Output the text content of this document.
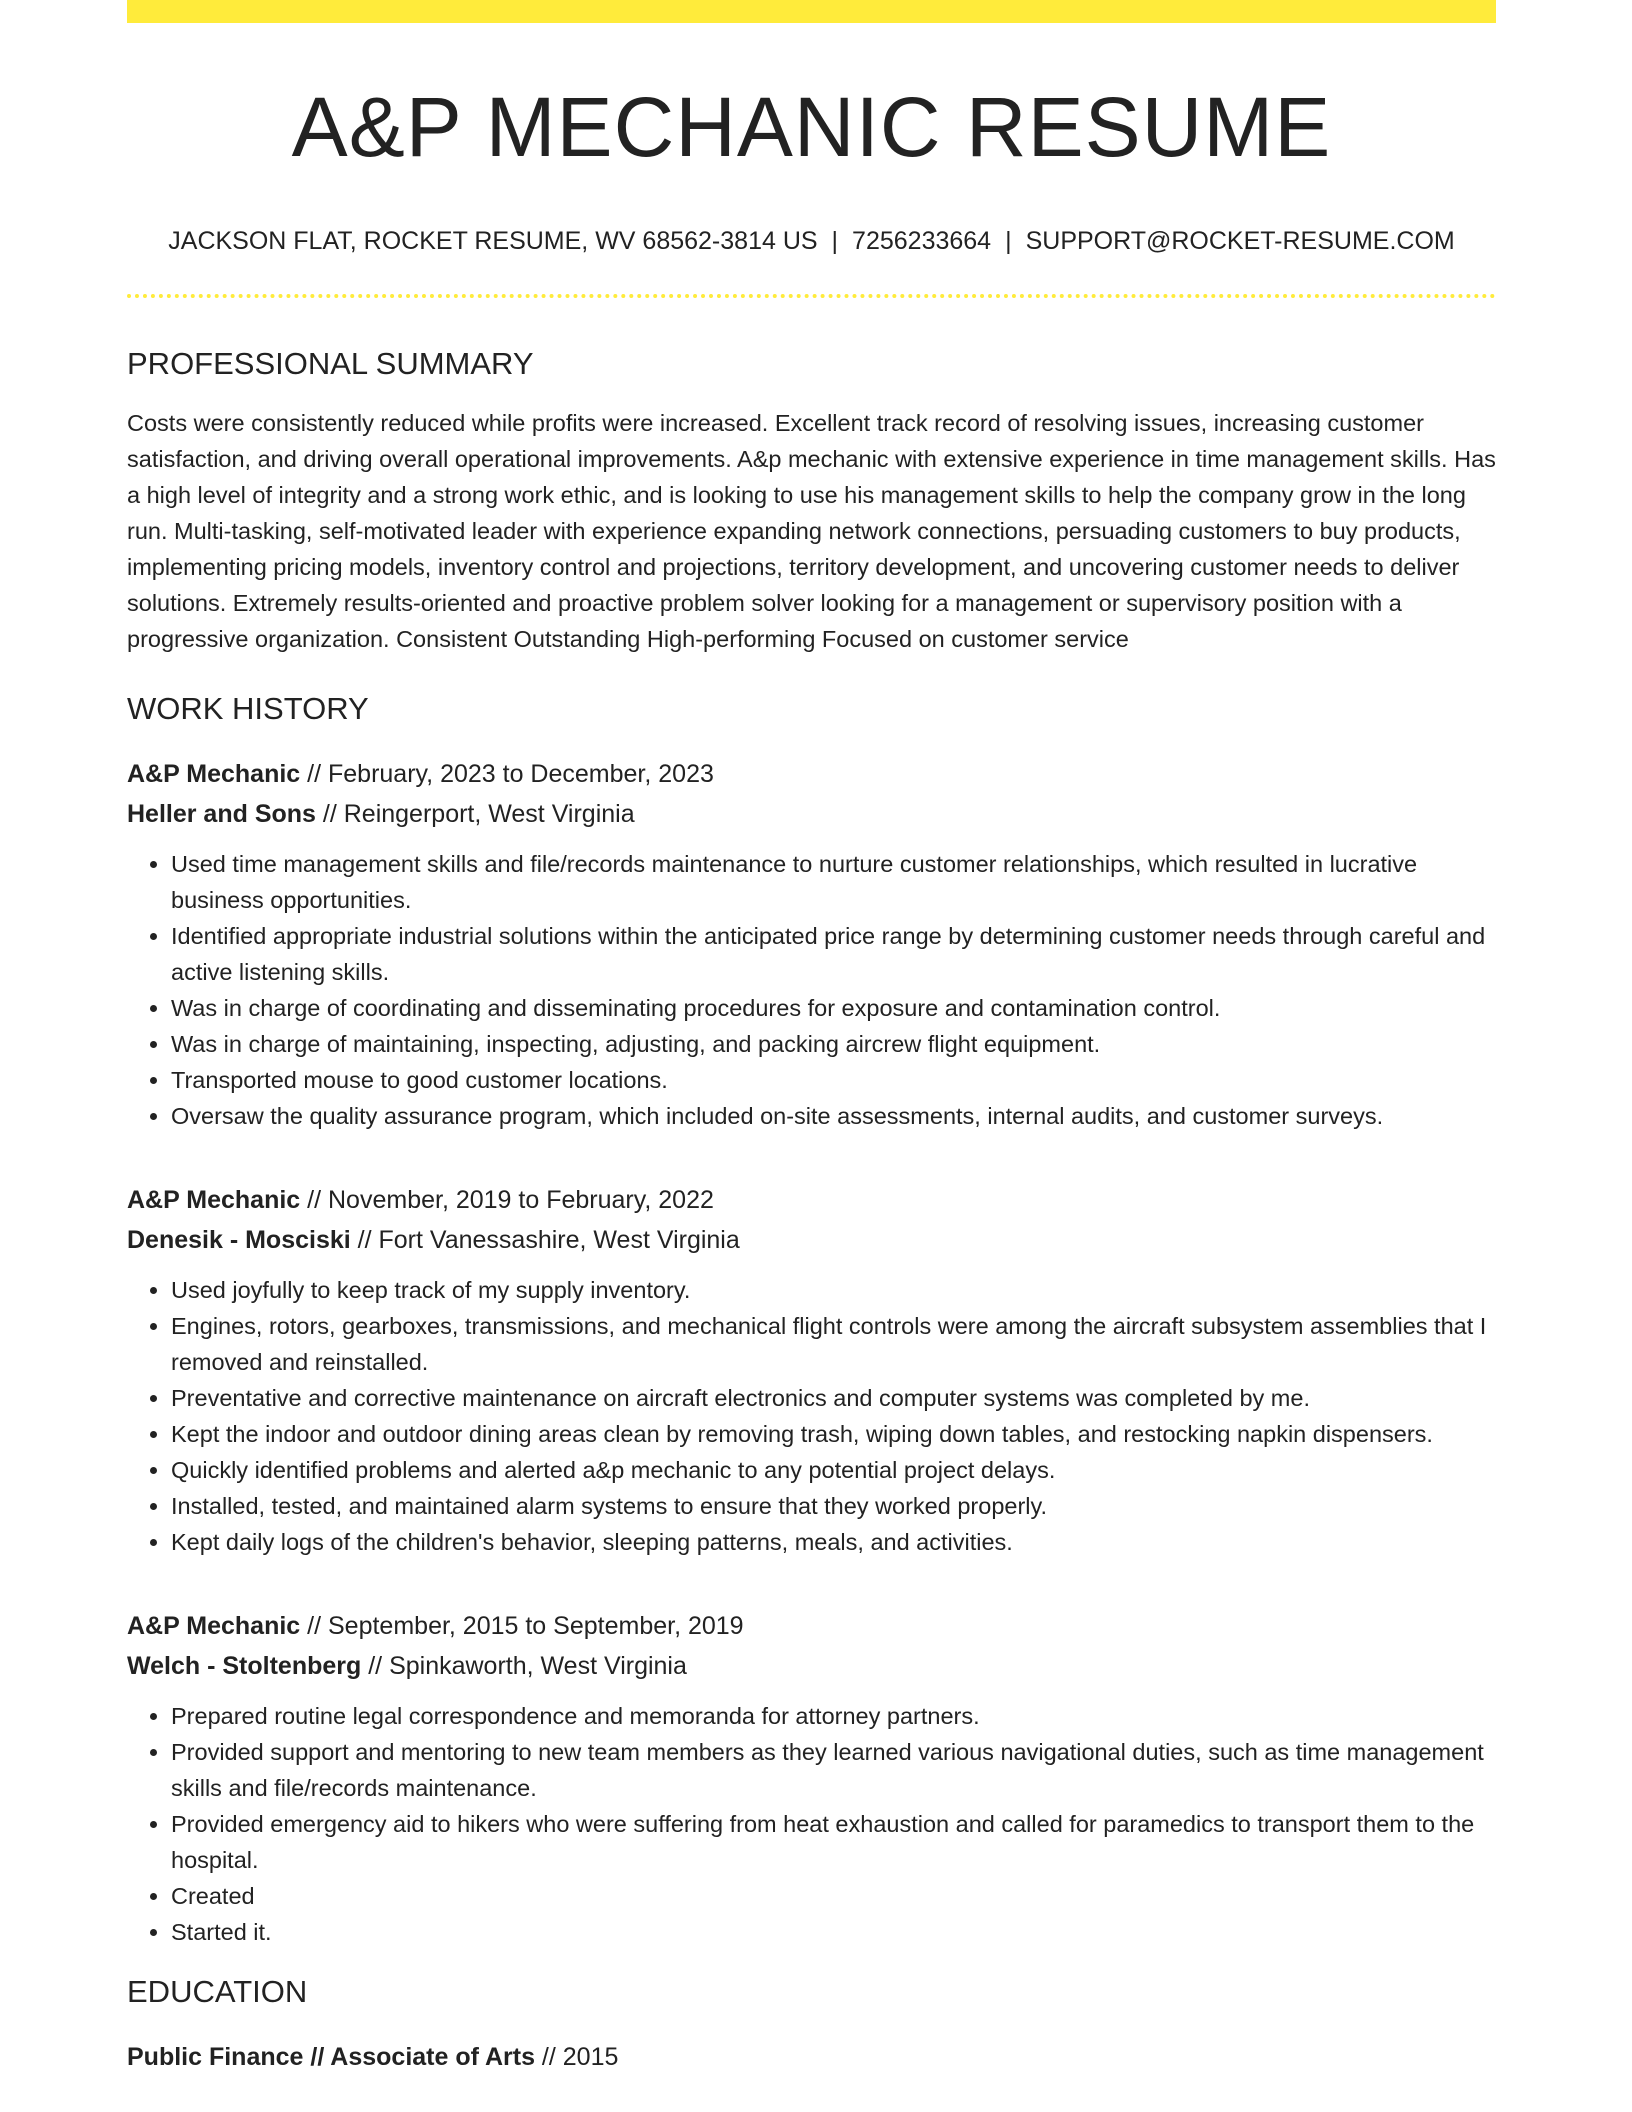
A&P MECHANIC RESUME
JACKSON FLAT, ROCKET RESUME, WV 68562-3814 US | 7256233664 | SUPPORT@ROCKET-RESUME.COM
PROFESSIONAL SUMMARY

Costs were consistently reduced while profits were increased. Excellent track record of resolving issues, increasing customer satisfaction, and driving overall operational improvements. A&p mechanic with extensive experience in time management skills. Has a high level of integrity and a strong work ethic, and is looking to use his management skills to help the company grow in the long run. Multi-tasking, self-motivated leader with experience expanding network connections, persuading customers to buy products, implementing pricing models, inventory control and projections, territory development, and uncovering customer needs to deliver solutions. Extremely results-oriented and proactive problem solver looking for a management or supervisory position with a progressive organization. Consistent Outstanding High-performing Focused on customer service

WORK HISTORY
A&P Mechanic // February, 2023 to December, 2023
Heller and Sons // Reingerport, West Virginia
• Used time management skills and file/records maintenance to nurture customer relationships, which resulted in lucrative business opportunities.
• Identified appropriate industrial solutions within the anticipated price range by determining customer needs through careful and active listening skills.
• Was in charge of coordinating and disseminating procedures for exposure and contamination control.
• Was in charge of maintaining, inspecting, adjusting, and packing aircrew flight equipment.
• Transported mouse to good customer locations.
• Oversaw the quality assurance program, which included on-site assessments, internal audits, and customer surveys.
A&P Mechanic // November, 2019 to February, 2022
Denesik - Mosciski // Fort Vanessashire, West Virginia
• Used joyfully to keep track of my supply inventory.
• Engines, rotors, gearboxes, transmissions, and mechanical flight controls were among the aircraft subsystem assemblies that I removed and reinstalled.
• Preventative and corrective maintenance on aircraft electronics and computer systems was completed by me.
• Kept the indoor and outdoor dining areas clean by removing trash, wiping down tables, and restocking napkin dispensers.
• Quickly identified problems and alerted a&p mechanic to any potential project delays.
• Installed, tested, and maintained alarm systems to ensure that they worked properly.
• Kept daily logs of the children's behavior, sleeping patterns, meals, and activities.
A&P Mechanic // September, 2015 to September, 2019
Welch - Stoltenberg // Spinkaworth, West Virginia
• Prepared routine legal correspondence and memoranda for attorney partners.
• Provided support and mentoring to new team members as they learned various navigational duties, such as time management skills and file/records maintenance.
• Provided emergency aid to hikers who were suffering from heat exhaustion and called for paramedics to transport them to the hospital.
• Created
• Started it.
EDUCATION
Public Finance // Associate of Arts // 2015
